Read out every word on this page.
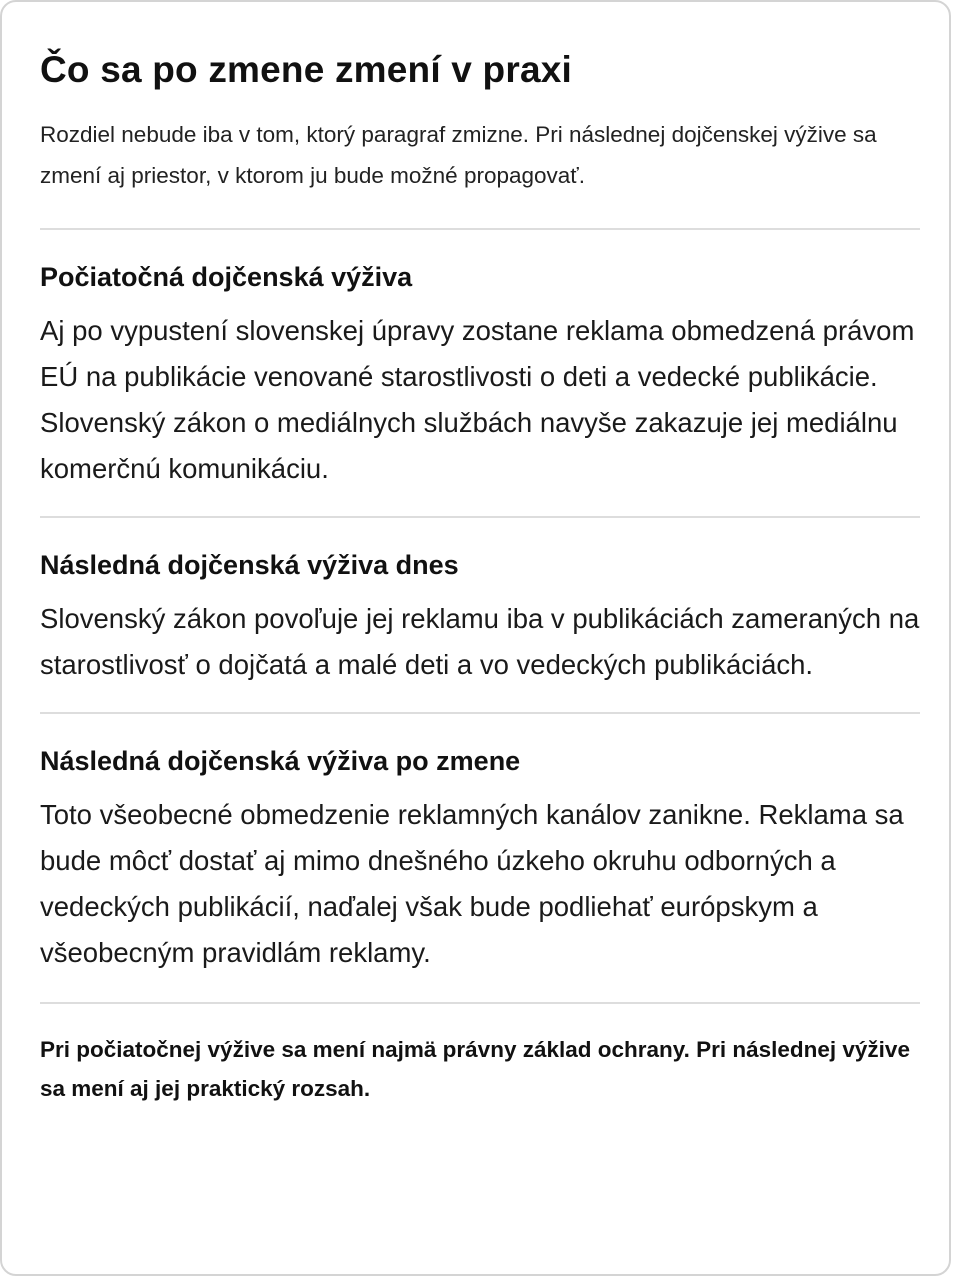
Čo sa po zmene zmení v praxi

Rozdiel nebude iba v tom, ktorý paragraf zmizne. Pri následnej dojčenskej výžive sa zmení aj priestor, v ktorom ju bude možné propagovať.

Počiatočná dojčenská výživa

Aj po vypustení slovenskej úpravy zostane reklama obmedzená právom EÚ na publikácie venované starostlivosti o deti a vedecké publikácie. Slovenský zákon o mediálnych službách navyše zakazuje jej mediálnu komerčnú komunikáciu.

Následná dojčenská výživa dnes

Slovenský zákon povoľuje jej reklamu iba v publikáciách zameraných na starostlivosť o dojčatá a malé deti a vo vedeckých publikáciách.

Následná dojčenská výživa po zmene

Toto všeobecné obmedzenie reklamných kanálov zanikne. Reklama sa bude môcť dostať aj mimo dnešného úzkeho okruhu odborných a vedeckých publikácií, naďalej však bude podliehať európskym a všeobecným pravidlám reklamy.

Pri počiatočnej výžive sa mení najmä právny základ ochrany. Pri následnej výžive sa mení aj jej praktický rozsah.
